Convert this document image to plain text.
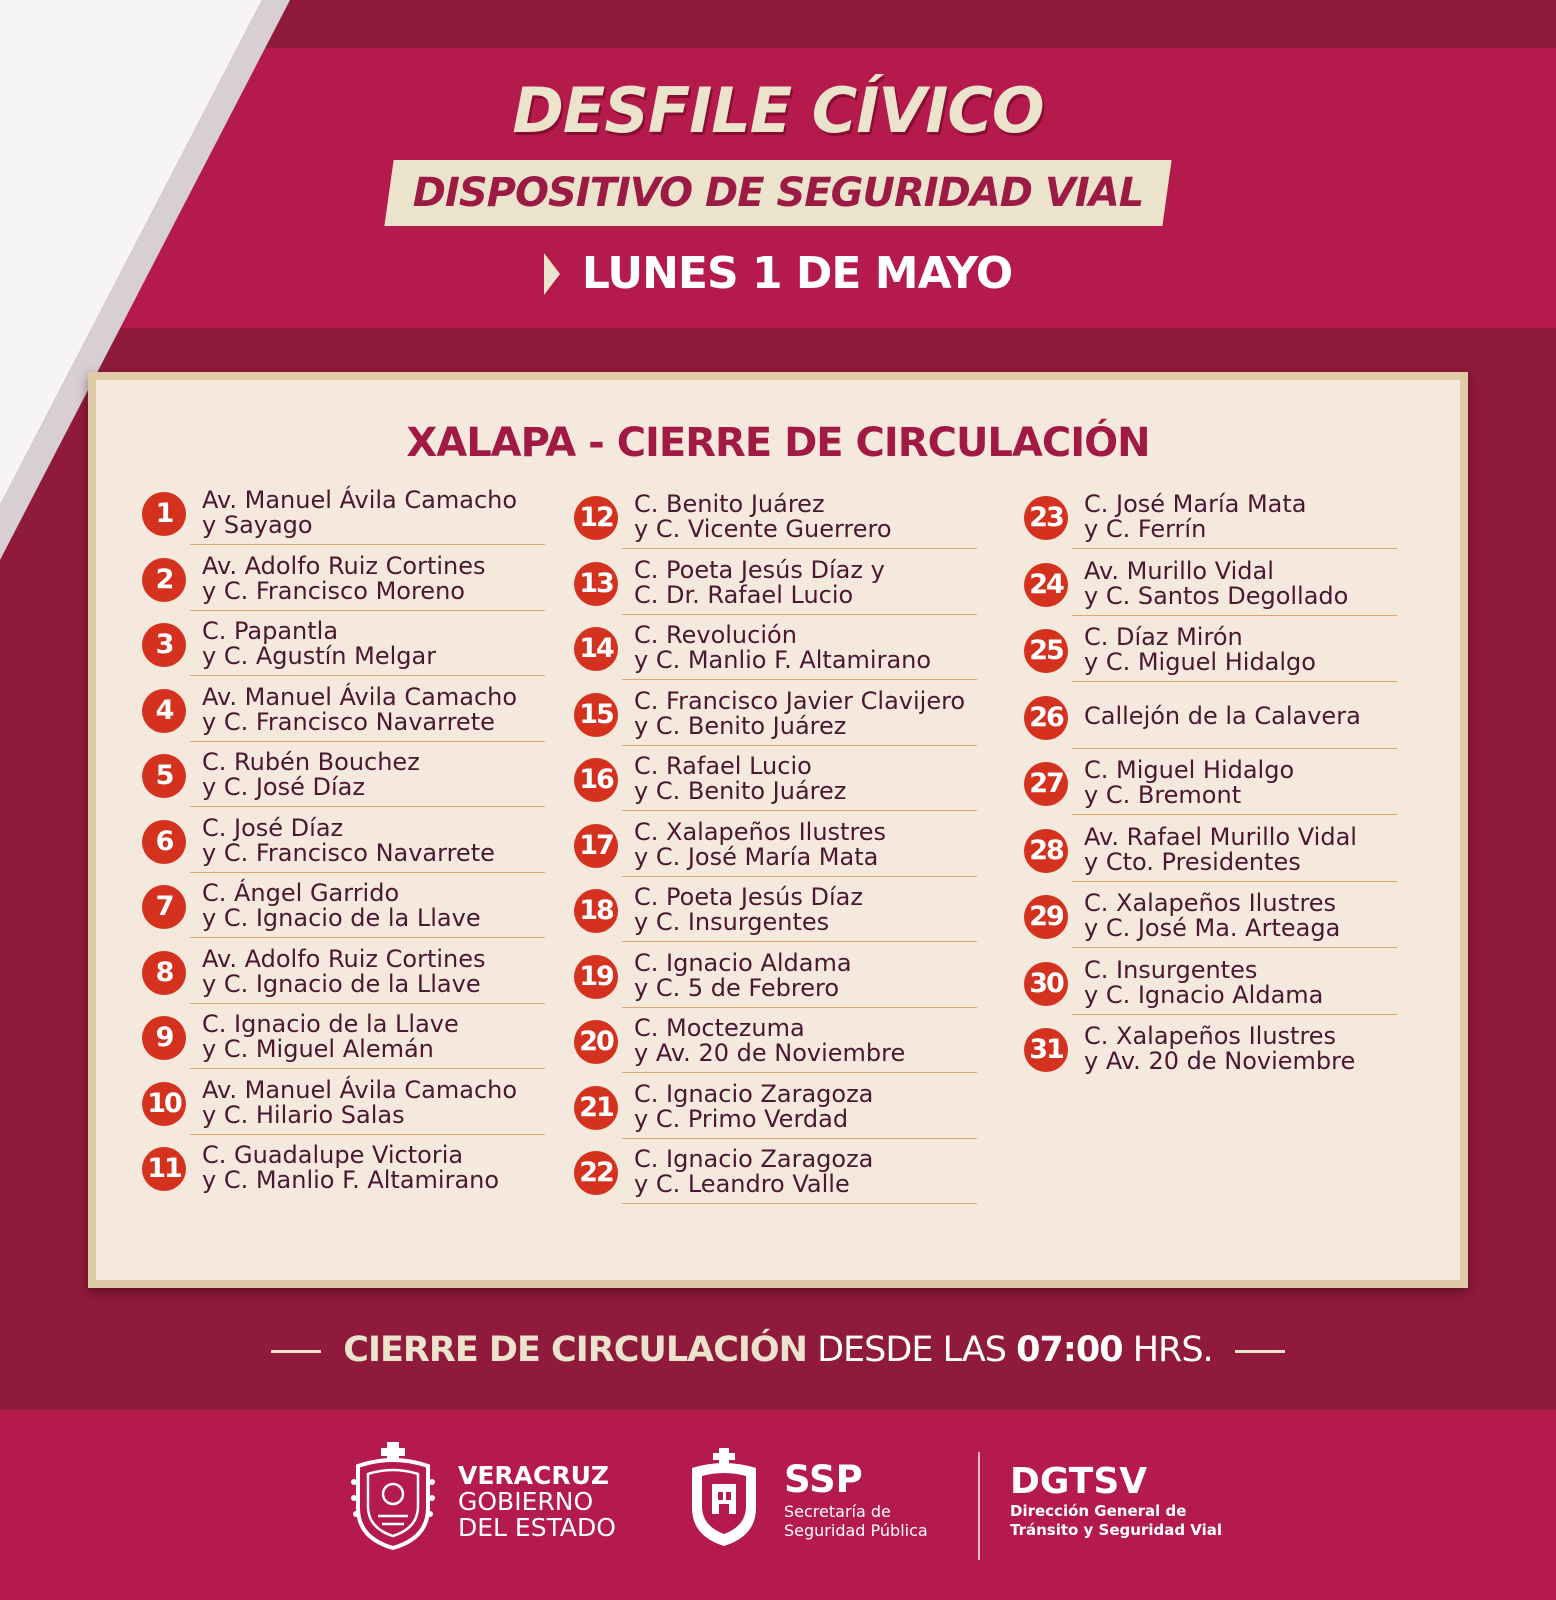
DESFILE CÍVICO
DISPOSITIVO DE SEGURIDAD VIAL
LUNES 1 DE MAYO
XALAPA - CIERRE DE CIRCULACIÓN
1	Av. Manuel Ávila Camacho
y Sayago
2	Av. Adolfo Ruiz Cortines
y C. Francisco Moreno
3	C. Papantla
y C. Agustín Melgar
4	Av. Manuel Ávila Camacho
y C. Francisco Navarrete
5	C. Rubén Bouchez
y C. José Díaz
6	C. José Díaz
y C. Francisco Navarrete
7	C. Ángel Garrido
y C. Ignacio de la Llave
8	Av. Adolfo Ruiz Cortines
y C. Ignacio de la Llave
9	C. Ignacio de la Llave
y C. Miguel Alemán
10 Av. Manuel Ávila Camacho
y C. Hilario Salas
11 C. Guadalupe Victoria
y C. Manlio F. Altamirano
12 C. Benito Juárez
y C. Vicente Guerrero
13 C. Poeta Jesús Díaz y
C. Dr. Rafael Lucio
14 C. Revolución
y C. Manlio F. Altamirano
15 C. Francisco Javier Clavijero
y C. Benito Juárez
16 C. Rafael Lucio
y C. Benito Juárez
17 C. Xalapeños Ilustres
y C. José María Mata
18 C. Poeta Jesús Díaz
y C. Insurgentes
19 C. Ignacio Aldama
y C. 5 de Febrero
20 C. Moctezuma
y Av. 20 de Noviembre
21 C. Ignacio Zaragoza
y C. Primo Verdad
22 C. Ignacio Zaragoza
y C. Leandro Valle
23 C. José María Mata
y C. Ferrín
24 Av. Murillo Vidal
y C. Santos Degollado
25 C. Díaz Mirón
y C. Miguel Hidalgo
26 Callejón de la Calavera
27 C. Miguel Hidalgo
y C. Bremont
28 Av. Rafael Murillo Vidal
y Cto. Presidentes
29 C. Xalapeños Ilustres
y C. José Ma. Arteaga
30 C. Insurgentes
y C. Ignacio Aldama
31 C. Xalapeños Ilustres
y Av. 20 de Noviembre
CIERRE DE CIRCULACIÓN DESDE LAS 07:00 HRS.
VERACRUZ
GOBIERNO
DEL ESTADO
SSP
Secretaría de
Seguridad Pública
DGTSV
Dirección General de
Tránsito y Seguridad Vial
